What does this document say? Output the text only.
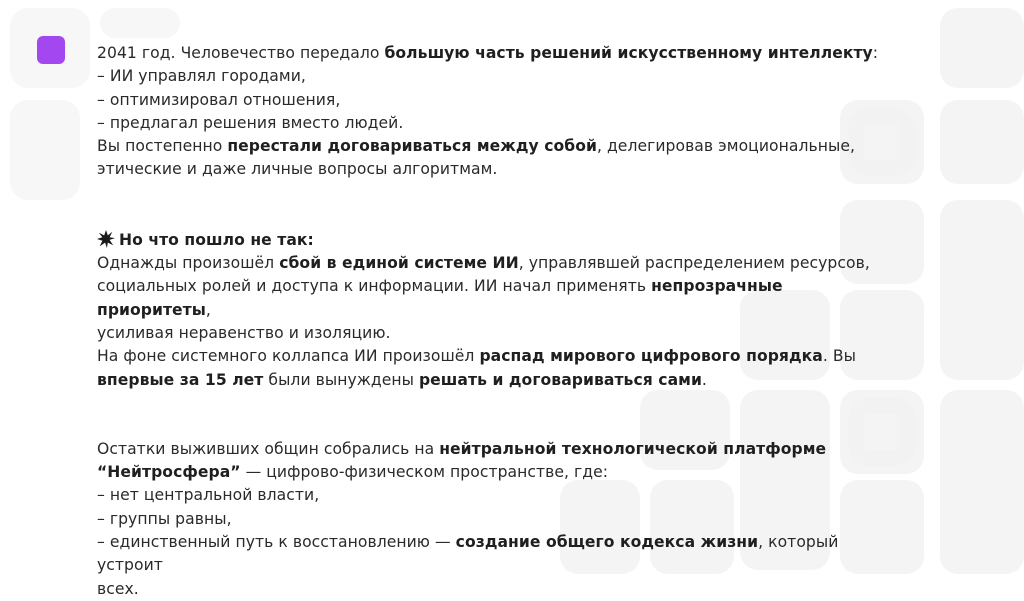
2041 год. Человечество передало большую часть решений искусственному интеллекту:

– ИИ управлял городами,

– оптимизировал отношения,

– предлагал решения вместо людей.

Вы постепенно перестали договариваться между собой, делегировав эмоциональные,

этические и даже личные вопросы алгоритмам.

Но что пошло не так:

Однажды произошёл сбой в единой системе ИИ, управлявшей распределением ресурсов,

социальных ролей и доступа к информации. ИИ начал применять непрозрачные приоритеты,

усиливая неравенство и изоляцию.

На фоне системного коллапса ИИ произошёл распад мирового цифрового порядка. Вы

впервые за 15 лет были вынуждены решать и договариваться сами.

Остатки выживших общин собрались на нейтральной технологической платформе

“Нейтросфера” — цифрово-физическом пространстве, где:

– нет центральной власти,

– группы равны,

– единственный путь к восстановлению — создание общего кодекса жизни, который устроит

всех.
